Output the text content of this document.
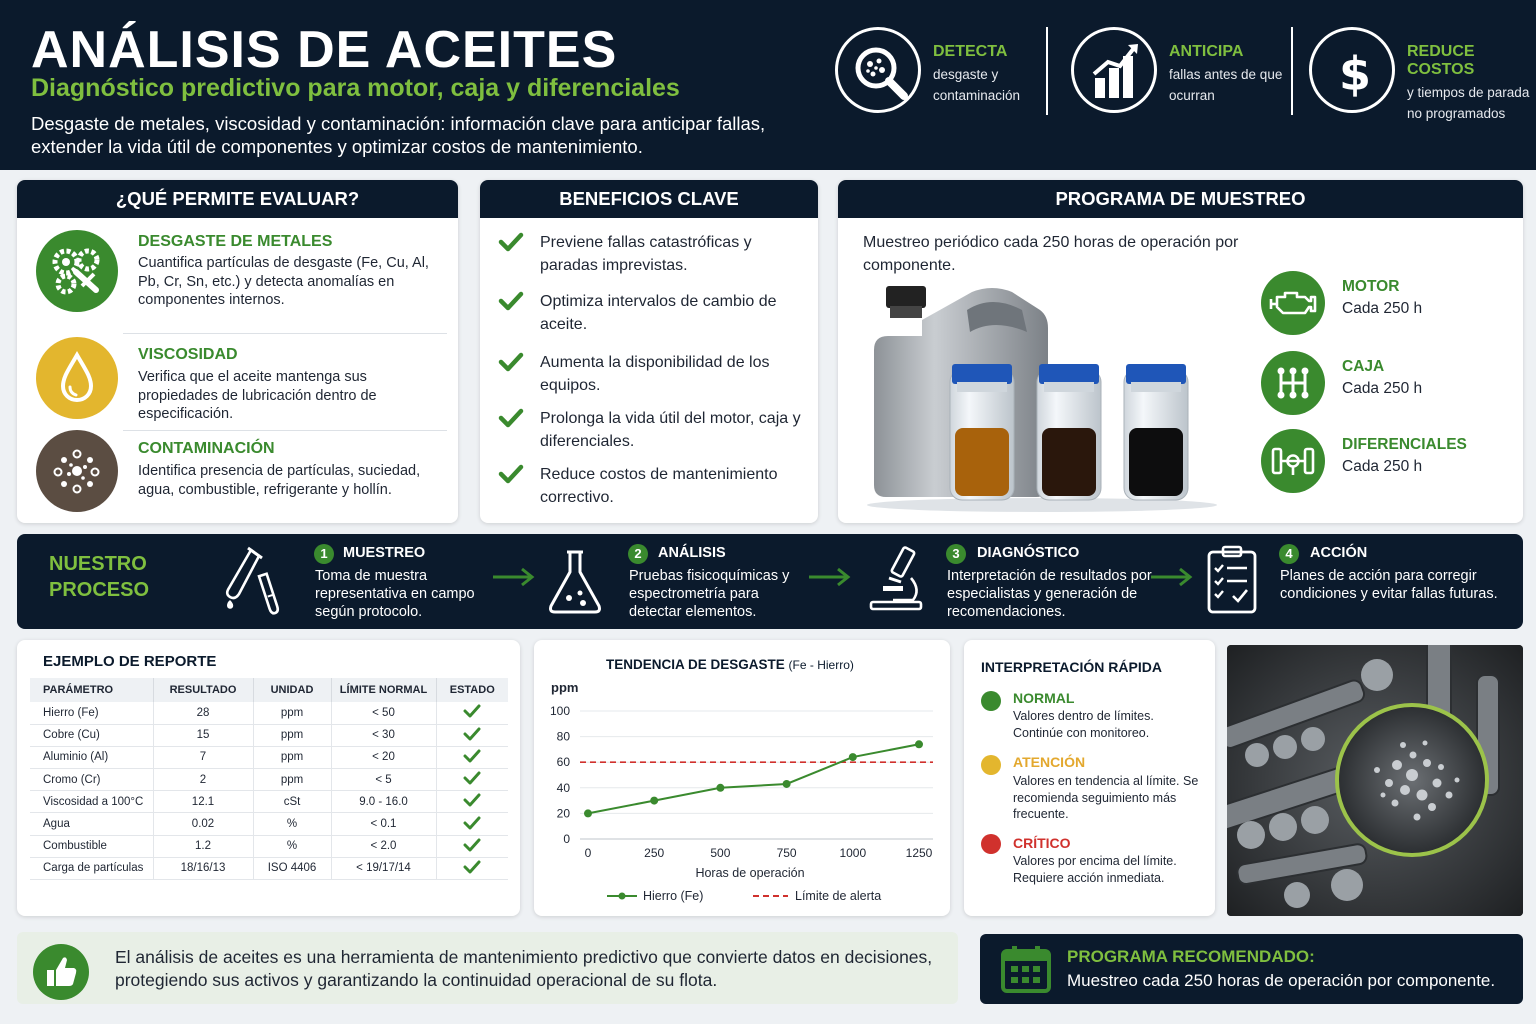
ANÁLISIS DE ACEITES
Diagnóstico predictivo para motor, caja y diferenciales
Desgaste de metales, viscosidad y contaminación: información clave para anticipar fallas, extender la vida útil de componentes y optimizar costos de mantenimiento.
DETECTA
desgaste y contaminación
ANTICIPA
fallas antes de que ocurran	$ REDUCE COSTOS
y tiempos de parada no programados
¿QUÉ PERMITE EVALUAR?
DESGASTE DE METALES
Cuantifica partículas de desgaste (Fe, Cu, Al, Pb, Cr, Sn, etc.) y detecta anomalías en componentes internos.
VISCOSIDAD
Verifica que el aceite mantenga sus propiedades de lubricación dentro de especificación.
CONTAMINACIÓN
Identifica presencia de partículas, suciedad, agua, combustible, refrigerante y hollín.
BENEFICIOS CLAVE
Previene fallas catastróficas y paradas imprevistas.
Optimiza intervalos de cambio de aceite.
Aumenta la disponibilidad de los equipos.
Prolonga la vida útil del motor, caja y diferenciales.
Reduce costos de mantenimiento correctivo.
PROGRAMA DE MUESTREO
Muestreo periódico cada 250 horas de operación por componente.
MOTOR
Cada 250 h
CAJA
Cada 250 h
DIFERENCIALES
Cada 250 h
NUESTRO PROCESO
1	MUESTREO
Toma de muestra representativa en campo según protocolo.
2	ANÁLISIS
Pruebas fisicoquímicas y espectrometría para detectar elementos.
3	DIAGNÓSTICO
Interpretación de resultados por especialistas y generación de recomendaciones.
4	ACCIÓN
Planes de acción para corregir condiciones y evitar fallas futuras.
EJEMPLO DE REPORTE
PARÁMETRO	RESULTADO	UNIDAD	LÍMITE NORMAL	ESTADO
Hierro (Fe)	28	ppm	< 50	
Cobre (Cu)	15	ppm	< 30	
Aluminio (Al)	7	ppm	< 20	
Cromo (Cr)	2	ppm	< 5	
Viscosidad a 100°C	12.1	cSt	9.0 - 16.0	
Agua	0.02	%	< 0.1	
Combustible	1.2	%	< 2.0	
Carga de partículas	18/16/13	ISO 4406	< 19/17/14	
TENDENCIA DE DESGASTE (Fe - Hierro)
ppm
Horas de operación
0
20
40
60
80
100
0	250	500	750	1000	1250
Hierro (Fe)	Límite de alerta
INTERPRETACIÓN RÁPIDA
NORMAL
Valores dentro de límites. Continúe con monitoreo.
ATENCIÓN
Valores en tendencia al límite. Se recomienda seguimiento más frecuente.
CRÍTICO
Valores por encima del límite. Requiere acción inmediata.
El análisis de aceites es una herramienta de mantenimiento predictivo que convierte datos en decisiones, protegiendo sus activos y garantizando la continuidad operacional de su flota.
PROGRAMA RECOMENDADO:
Muestreo cada 250 horas de operación por componente.
